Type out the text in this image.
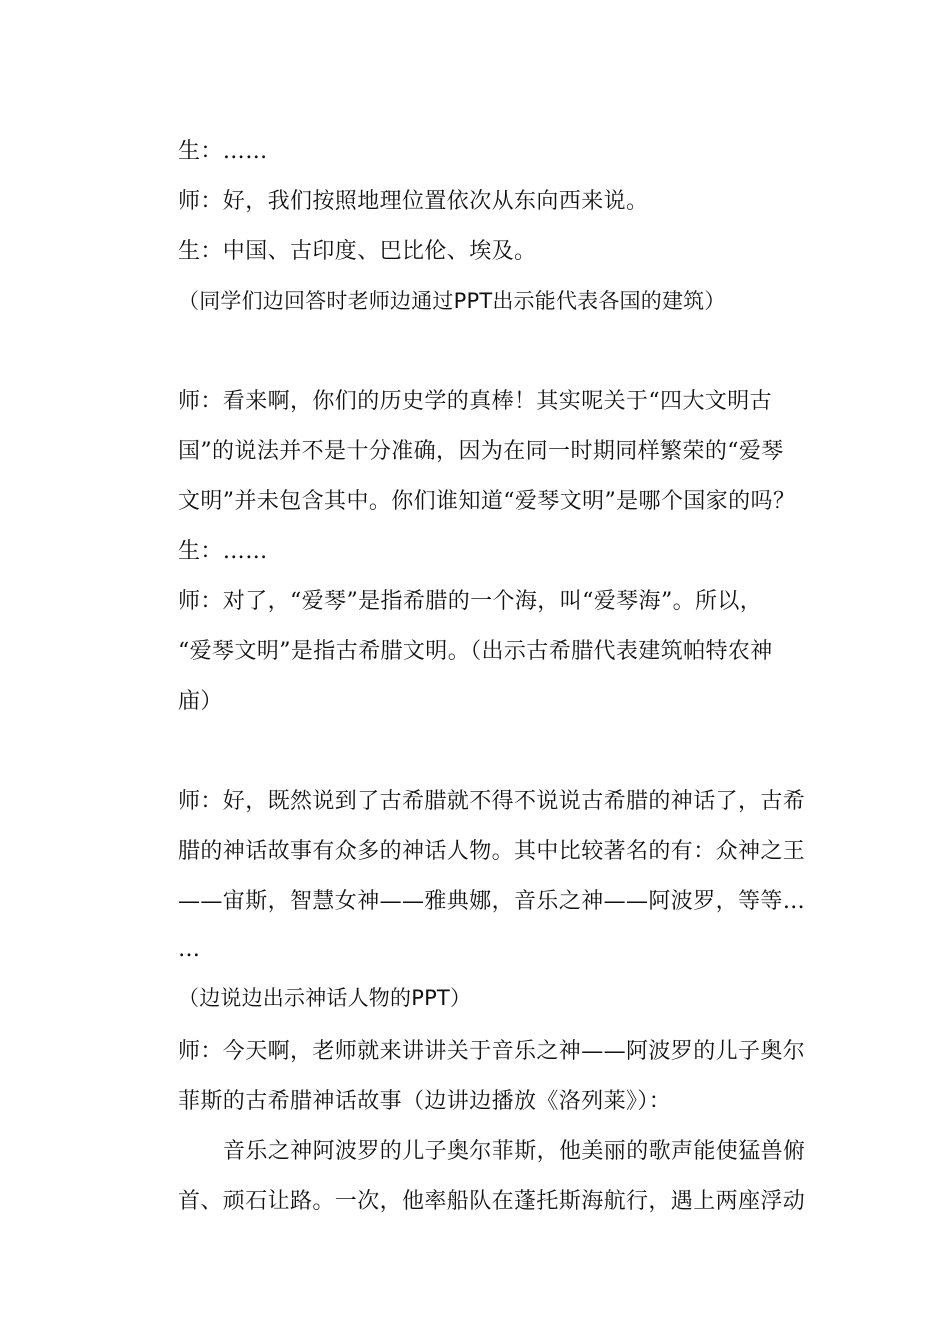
生：……
师：好，我们按照地理位置依次从东向西来说。
生：中国、古印度、巴比伦、埃及。
（同学们边回答时老师边通过PPT出示能代表各国的建筑）
师：看来啊，你们的历史学的真棒！其实呢关于“四大文明古
国”的说法并不是十分准确，因为在同一时期同样繁荣的“爱琴
文明”并未包含其中。你们谁知道“爱琴文明”是哪个国家的吗？
生：……
师：对了，“爱琴”是指希腊的一个海，叫“爱琴海”。所以，
“爱琴文明”是指古希腊文明。（出示古希腊代表建筑帕特农神
庙）
师：好，既然说到了古希腊就不得不说说古希腊的神话了，古希
腊的神话故事有众多的神话人物。其中比较著名的有：众神之王
——宙斯，智慧女神——雅典娜，音乐之神——阿波罗，等等…
…
（边说边出示神话人物的PPT）
师：今天啊，老师就来讲讲关于音乐之神——阿波罗的儿子奥尔
菲斯的古希腊神话故事（边讲边播放《洛列莱》）：
音乐之神阿波罗的儿子奥尔菲斯，他美丽的歌声能使猛兽俯
首、顽石让路。一次，他率船队在蓬托斯海航行，遇上两座浮动
